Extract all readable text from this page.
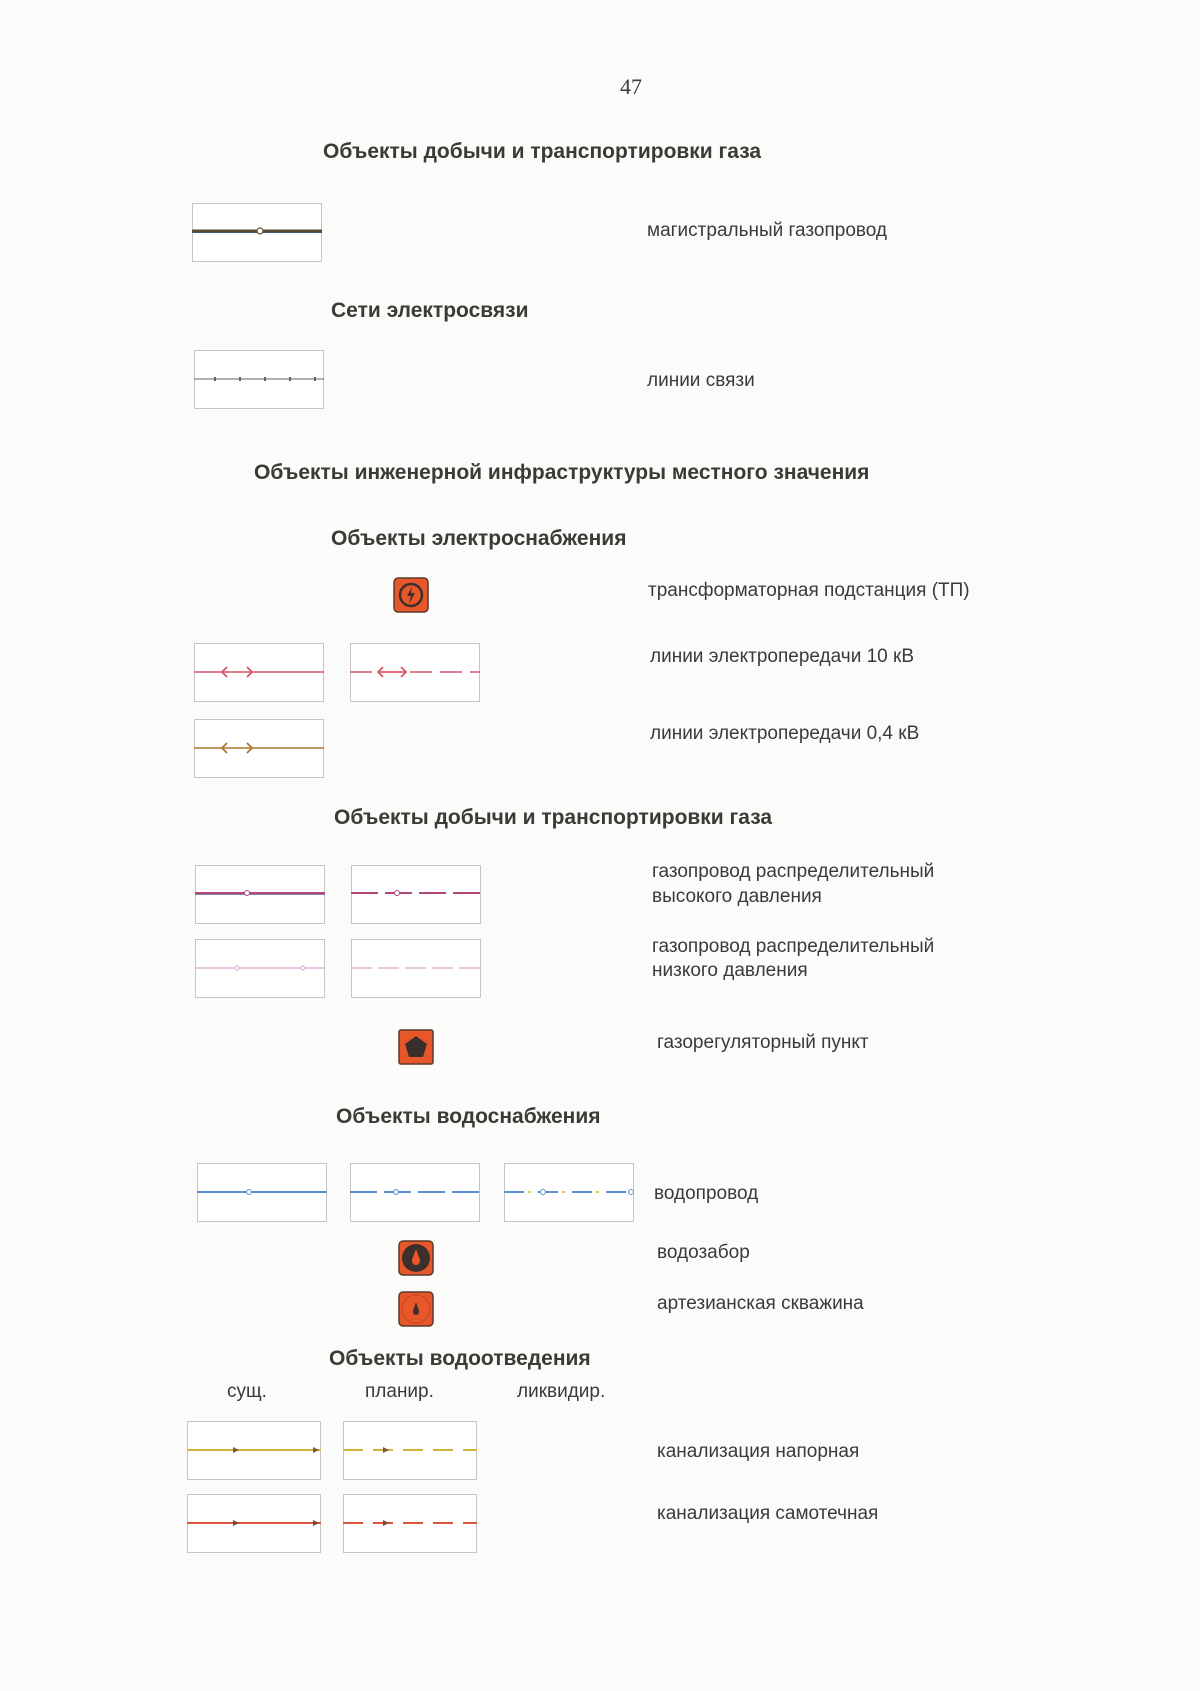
47
Объекты добычи и транспортировки газа
магистральный газопровод
Сети электросвязи
линии связи
Объекты инженерной инфраструктуры местного значения
Объекты электроснабжения
трансформаторная подстанция (ТП)
линии электропередачи 10 кВ
линии электропередачи 0,4 кВ
Объекты добычи и транспортировки газа
газопровод распределительный
высокого давления
газопровод распределительный
низкого давления
газорегуляторный пункт
Объекты водоснабжения
водопровод
водозабор
артезианская скважина
Объекты водоотведения
сущ.	планир.	ликвидир.
канализация напорная
канализация самотечная
